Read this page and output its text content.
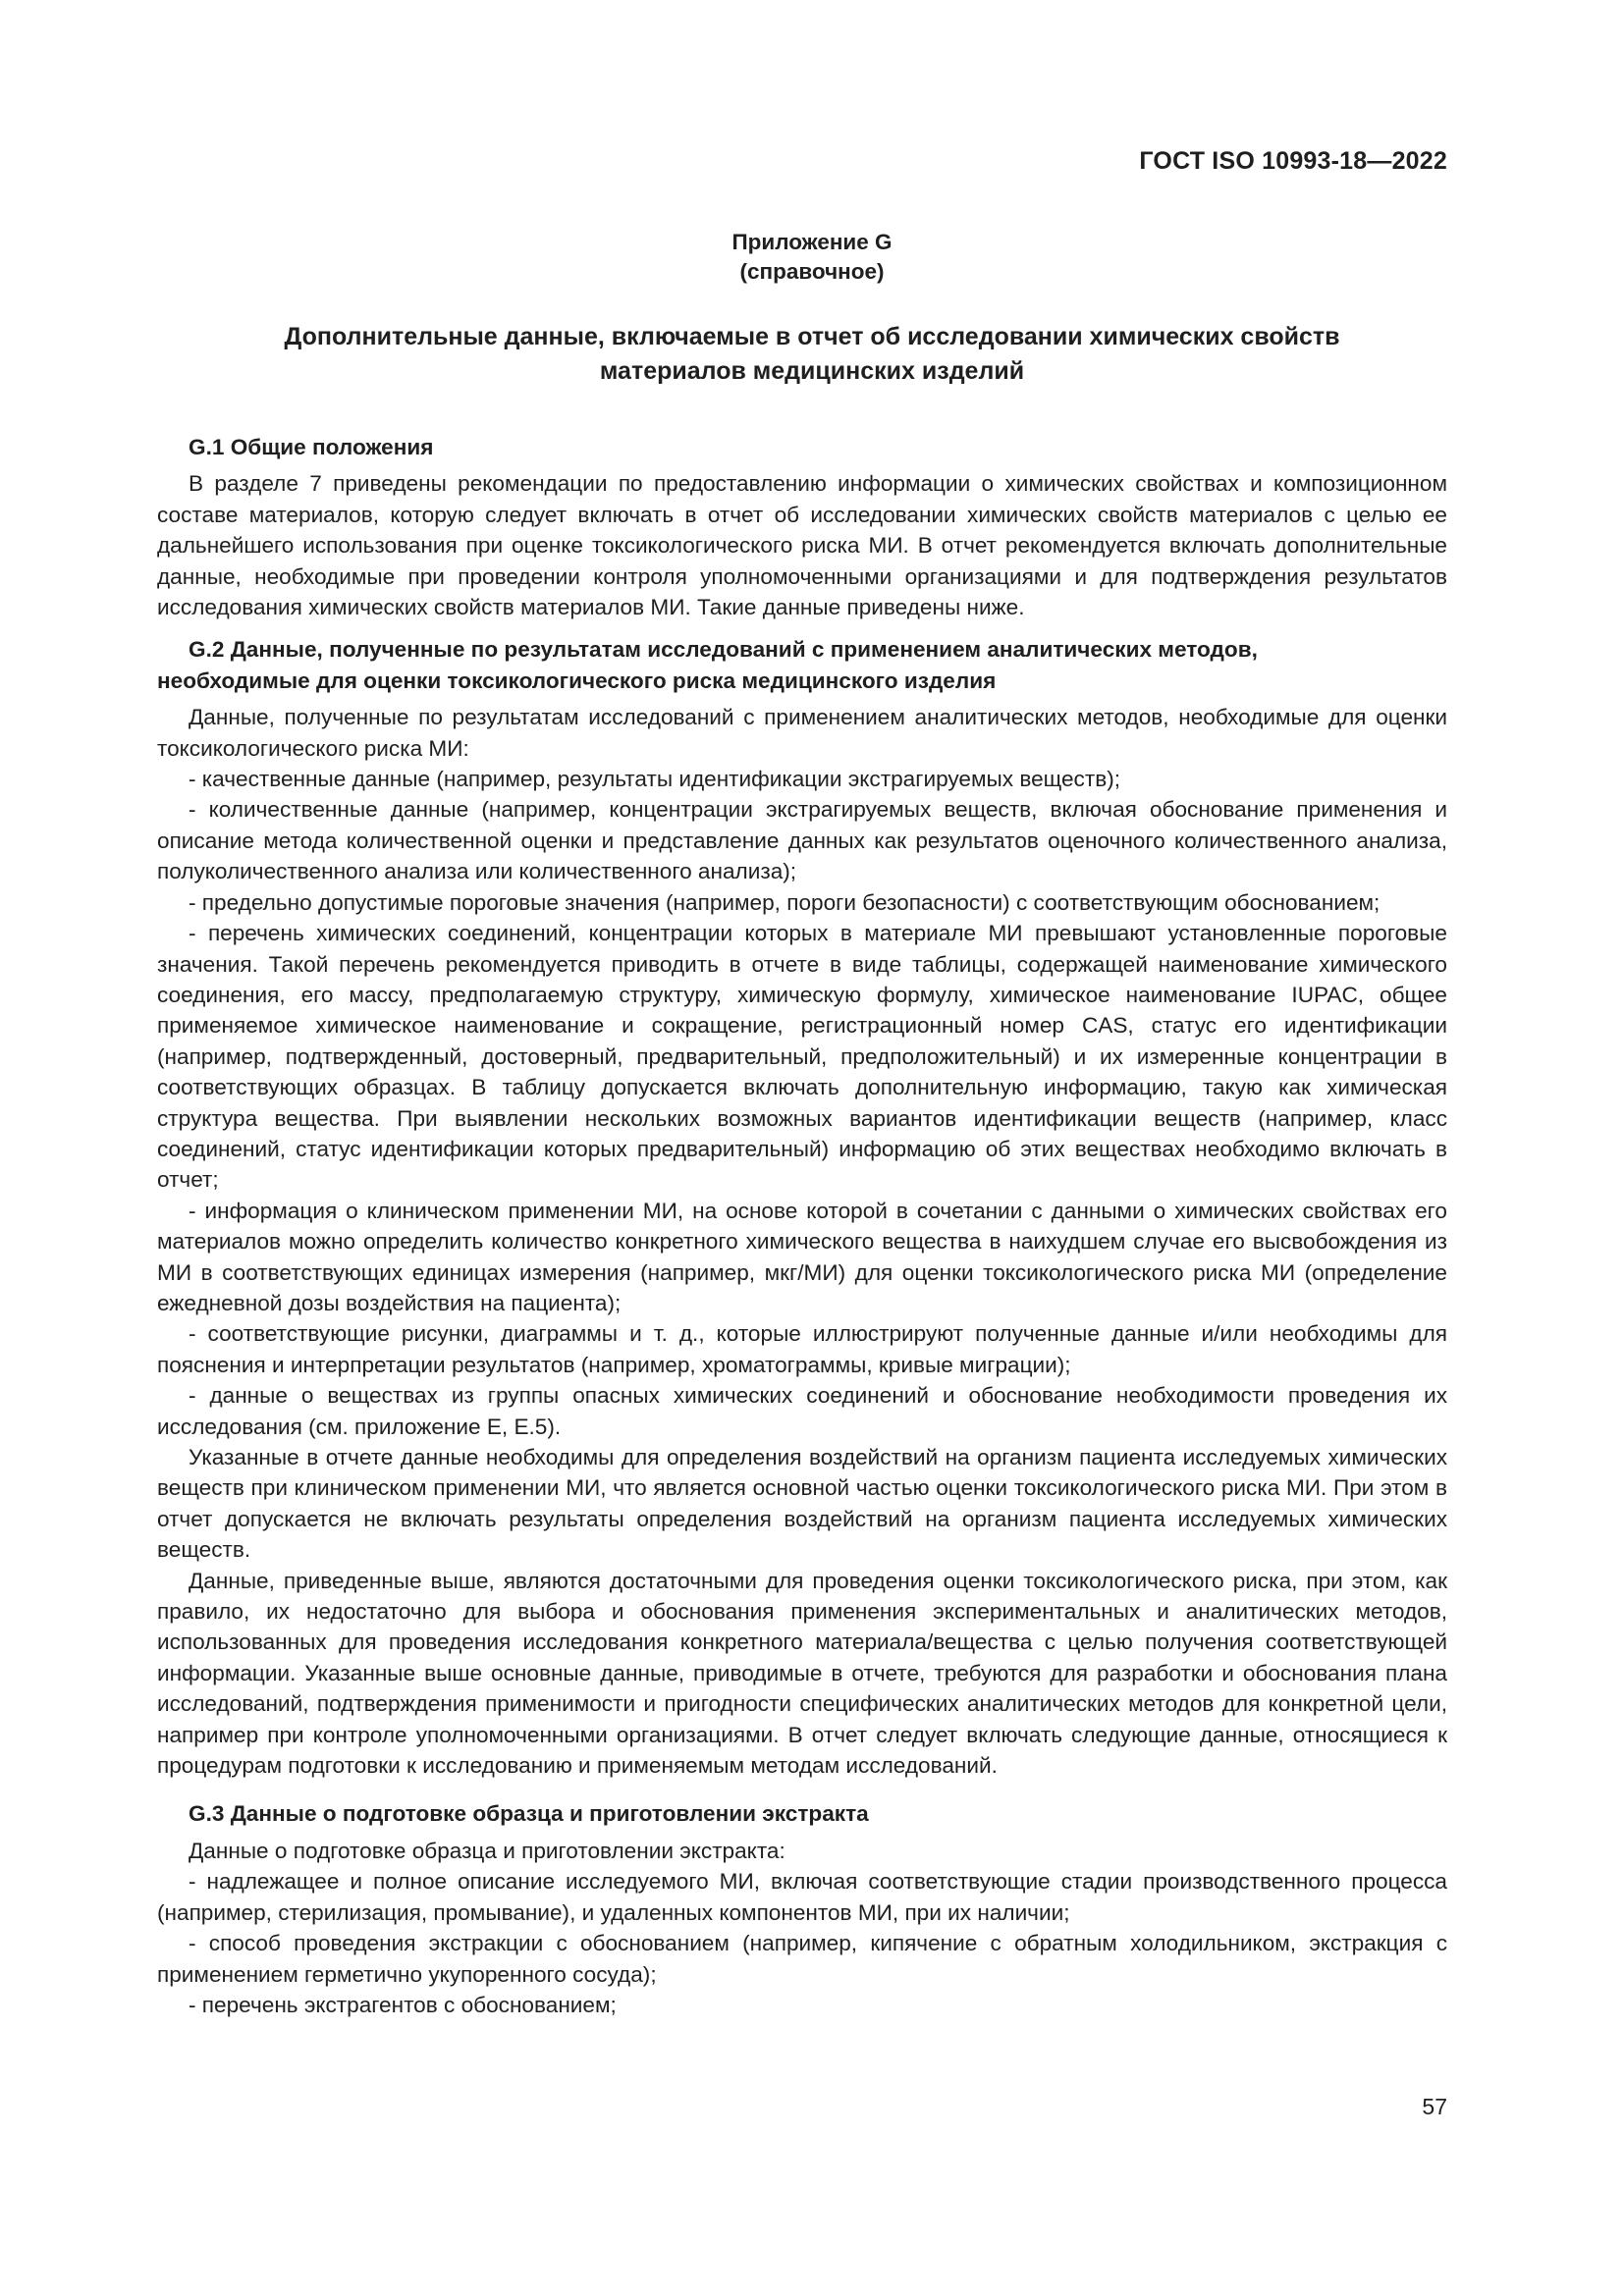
ГОСТ ISO 10993-18—2022
Приложение G
(справочное)
Дополнительные данные, включаемые в отчет об исследовании химических свойств
материалов медицинских изделий

G.1 Общие положения

В разделе 7 приведены рекомендации по предоставлению информации о химических свойствах и композиционном составе материалов, которую следует включать в отчет об исследовании химических свойств материалов с целью ее дальнейшего использования при оценке токсикологического риска МИ. В отчет рекомендуется включать дополнительные данные, необходимые при проведении контроля уполномоченными организациями и для подтверждения результатов исследования химических свойств материалов МИ. Такие данные приведены ниже.

G.2 Данные, полученные по результатам исследований с применением аналитических методов,
необходимые для оценки токсикологического риска медицинского изделия

Данные, полученные по результатам исследований с применением аналитических методов, необходимые для оценки токсикологического риска МИ:

- качественные данные (например, результаты идентификации экстрагируемых веществ);

- количественные данные (например, концентрации экстрагируемых веществ, включая обоснование применения и описание метода количественной оценки и представление данных как результатов оценочного количественного анализа, полуколичественного анализа или количественного анализа);

- предельно допустимые пороговые значения (например, пороги безопасности) с соответствующим обоснованием;

- перечень химических соединений, концентрации которых в материале МИ превышают установленные пороговые значения. Такой перечень рекомендуется приводить в отчете в виде таблицы, содержащей наименование химического соединения, его массу, предполагаемую структуру, химическую формулу, химическое наименование IUPAC, общее применяемое химическое наименование и сокращение, регистрационный номер CAS, статус его идентификации (например, подтвержденный, достоверный, предварительный, предположительный) и их измеренные концентрации в соответствующих образцах. В таблицу допускается включать дополнительную информацию, такую как химическая структура вещества. При выявлении нескольких возможных вариантов идентификации веществ (например, класс соединений, статус идентификации которых предварительный) информацию об этих веществах необходимо включать в отчет;

- информация о клиническом применении МИ, на основе которой в сочетании с данными о химических свойствах его материалов можно определить количество конкретного химического вещества в наихудшем случае его высвобождения из МИ в соответствующих единицах измерения (например, мкг/МИ) для оценки токсикологического риска МИ (определение ежедневной дозы воздействия на пациента);

- соответствующие рисунки, диаграммы и т. д., которые иллюстрируют полученные данные и/или необходимы для пояснения и интерпретации результатов (например, хроматограммы, кривые миграции);

- данные о веществах из группы опасных химических соединений и обоснование необходимости проведения их исследования (см. приложение Е, Е.5).

Указанные в отчете данные необходимы для определения воздействий на организм пациента исследуемых химических веществ при клиническом применении МИ, что является основной частью оценки токсикологического риска МИ. При этом в отчет допускается не включать результаты определения воздействий на организм пациента исследуемых химических веществ.

Данные, приведенные выше, являются достаточными для проведения оценки токсикологического риска, при этом, как правило, их недостаточно для выбора и обоснования применения экспериментальных и аналитических методов, использованных для проведения исследования конкретного материала/вещества с целью получения соответствующей информации. Указанные выше основные данные, приводимые в отчете, требуются для разработки и обоснования плана исследований, подтверждения применимости и пригодности специфических аналитических методов для конкретной цели, например при контроле уполномоченными организациями. В отчет следует включать следующие данные, относящиеся к процедурам подготовки к исследованию и применяемым методам исследований.

G.3 Данные о подготовке образца и приготовлении экстракта

Данные о подготовке образца и приготовлении экстракта:

- надлежащее и полное описание исследуемого МИ, включая соответствующие стадии производственного процесса (например, стерилизация, промывание), и удаленных компонентов МИ, при их наличии;

- способ проведения экстракции с обоснованием (например, кипячение с обратным холодильником, экстракция с применением герметично укупоренного сосуда);

- перечень экстрагентов с обоснованием;

57
